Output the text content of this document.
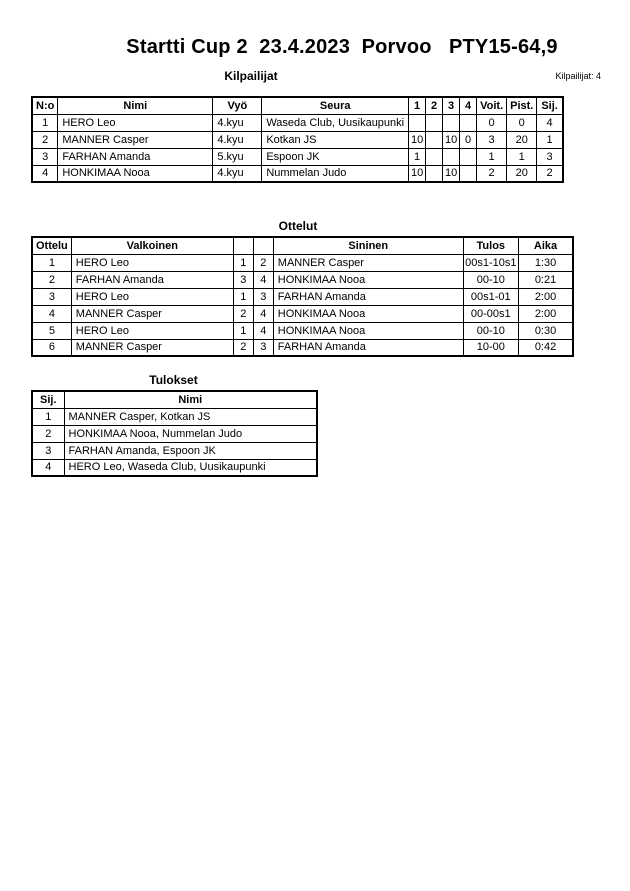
Startti Cup 2  23.4.2023  Porvoo   PTY15-64,9
Kilpailijat	Kilpailijat: 4
N:o	Nimi	Vyö	Seura	1	2	3	4	Voit.	Pist.	Sij.
1	HERO Leo	4.kyu	Waseda Club, Uusikaupunki					0	0	4
2	MANNER Casper	4.kyu	Kotkan JS	10		10	0	3	20	1
3	FARHAN Amanda	5.kyu	Espoon JK	1				1	1	3
4	HONKIMAA Nooa	4.kyu	Nummelan Judo	10		10		2	20	2
Ottelut
Ottelu	Valkoinen			Sininen	Tulos	Aika
1	HERO Leo	1	2	MANNER Casper	00s1-10s1	1:30
2	FARHAN Amanda	3	4	HONKIMAA Nooa	00-10	0:21
3	HERO Leo	1	3	FARHAN Amanda	00s1-01	2:00
4	MANNER Casper	2	4	HONKIMAA Nooa	00-00s1	2:00
5	HERO Leo	1	4	HONKIMAA Nooa	00-10	0:30
6	MANNER Casper	2	3	FARHAN Amanda	10-00	0:42
Tulokset
Sij.	Nimi
1	MANNER Casper, Kotkan JS
2	HONKIMAA Nooa, Nummelan Judo
3	FARHAN Amanda, Espoon JK
4	HERO Leo, Waseda Club, Uusikaupunki
